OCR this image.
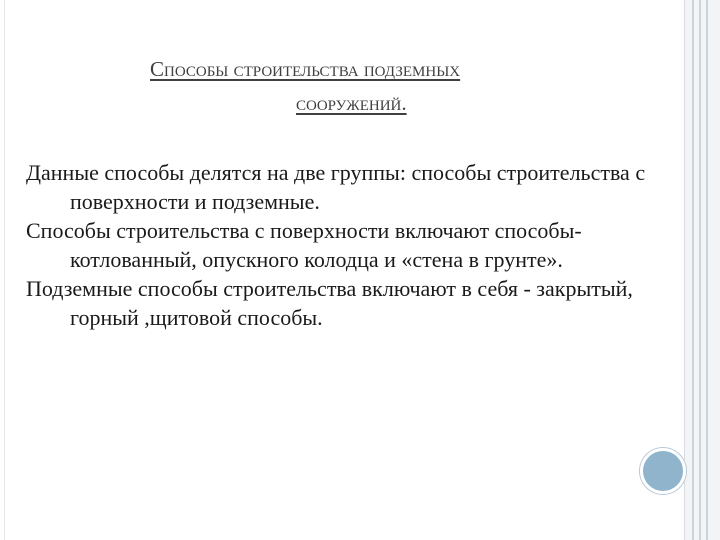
Способы строительства подземных
сооружений.

Данные способы делятся на две группы: способы строительства с поверхности и подземные.

Способы строительства с поверхности включают способы- котлованный, опускного колодца и «стена в грунте».

Подземные способы строительства включают в себя - закрытый, горный ,щитовой способы.
